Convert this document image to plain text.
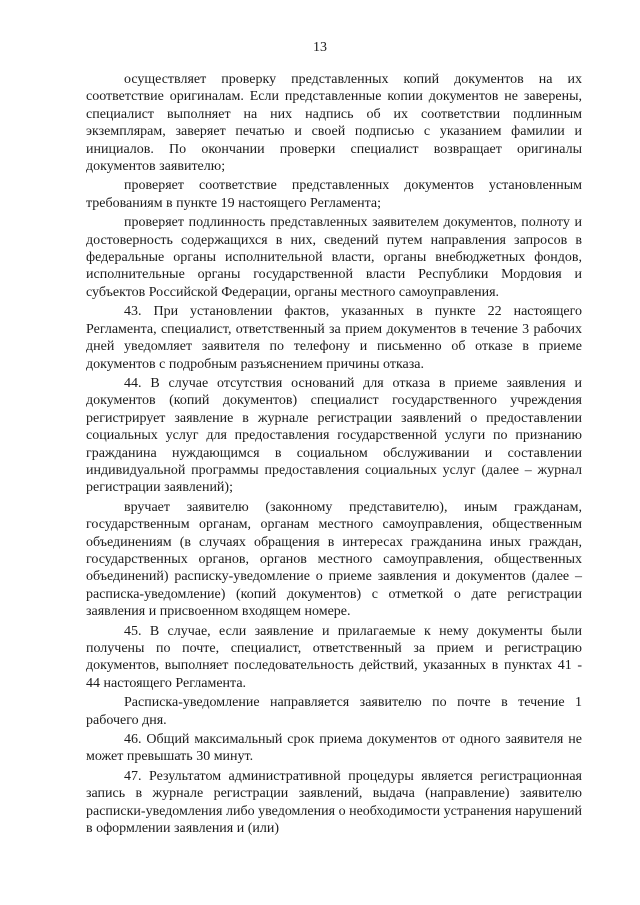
13

осуществляет проверку представленных копий документов на их соответствие оригиналам. Если представленные копии документов не заверены, специалист выполняет на них надпись об их соответствии подлинным экземплярам, заверяет печатью и своей подписью с указанием фамилии и инициалов. По окончании проверки специалист возвращает оригиналы документов заявителю;

проверяет соответствие представленных документов установленным требованиям в пункте 19 настоящего Регламента;

проверяет подлинность представленных заявителем документов, полноту и достоверность содержащихся в них, сведений путем направления запросов в федеральные органы исполнительной власти, органы внебюджетных фондов, исполнительные органы государственной власти Республики Мордовия и субъектов Российской Федерации, органы местного самоуправления.

43. При установлении фактов, указанных в пункте 22 настоящего Регламента, специалист, ответственный за прием документов в течение 3 рабочих дней уведомляет заявителя по телефону и письменно об отказе в приеме документов с подробным разъяснением причины отказа.

44. В случае отсутствия оснований для отказа в приеме заявления и документов (копий документов) специалист государственного учреждения регистрирует заявление в журнале регистрации заявлений о предоставлении социальных услуг для предоставления государственной услуги по признанию гражданина нуждающимся в социальном обслуживании и составлении индивидуальной программы предоставления социальных услуг (далее – журнал регистрации заявлений);

вручает заявителю (законному представителю), иным гражданам, государственным органам, органам местного самоуправления, общественным объединениям (в случаях обращения в интересах гражданина иных граждан, государственных органов, органов местного самоуправления, общественных объединений) расписку-уведомление о приеме заявления и документов (далее – расписка-уведомление) (копий документов) с отметкой о дате регистрации заявления и присвоенном входящем номере.

45. В случае, если заявление и прилагаемые к нему документы были получены по почте, специалист, ответственный за прием и регистрацию документов, выполняет последовательность действий, указанных в пунктах 41 - 44 настоящего Регламента.

Расписка-уведомление направляется заявителю по почте в течение 1 рабочего дня.

46. Общий максимальный срок приема документов от одного заявителя не может превышать 30 минут.

47. Результатом административной процедуры является регистрационная запись в журнале регистрации заявлений, выдача (направление) заявителю расписки-уведомления либо уведомления о необходимости устранения нарушений в оформлении заявления и (или)
